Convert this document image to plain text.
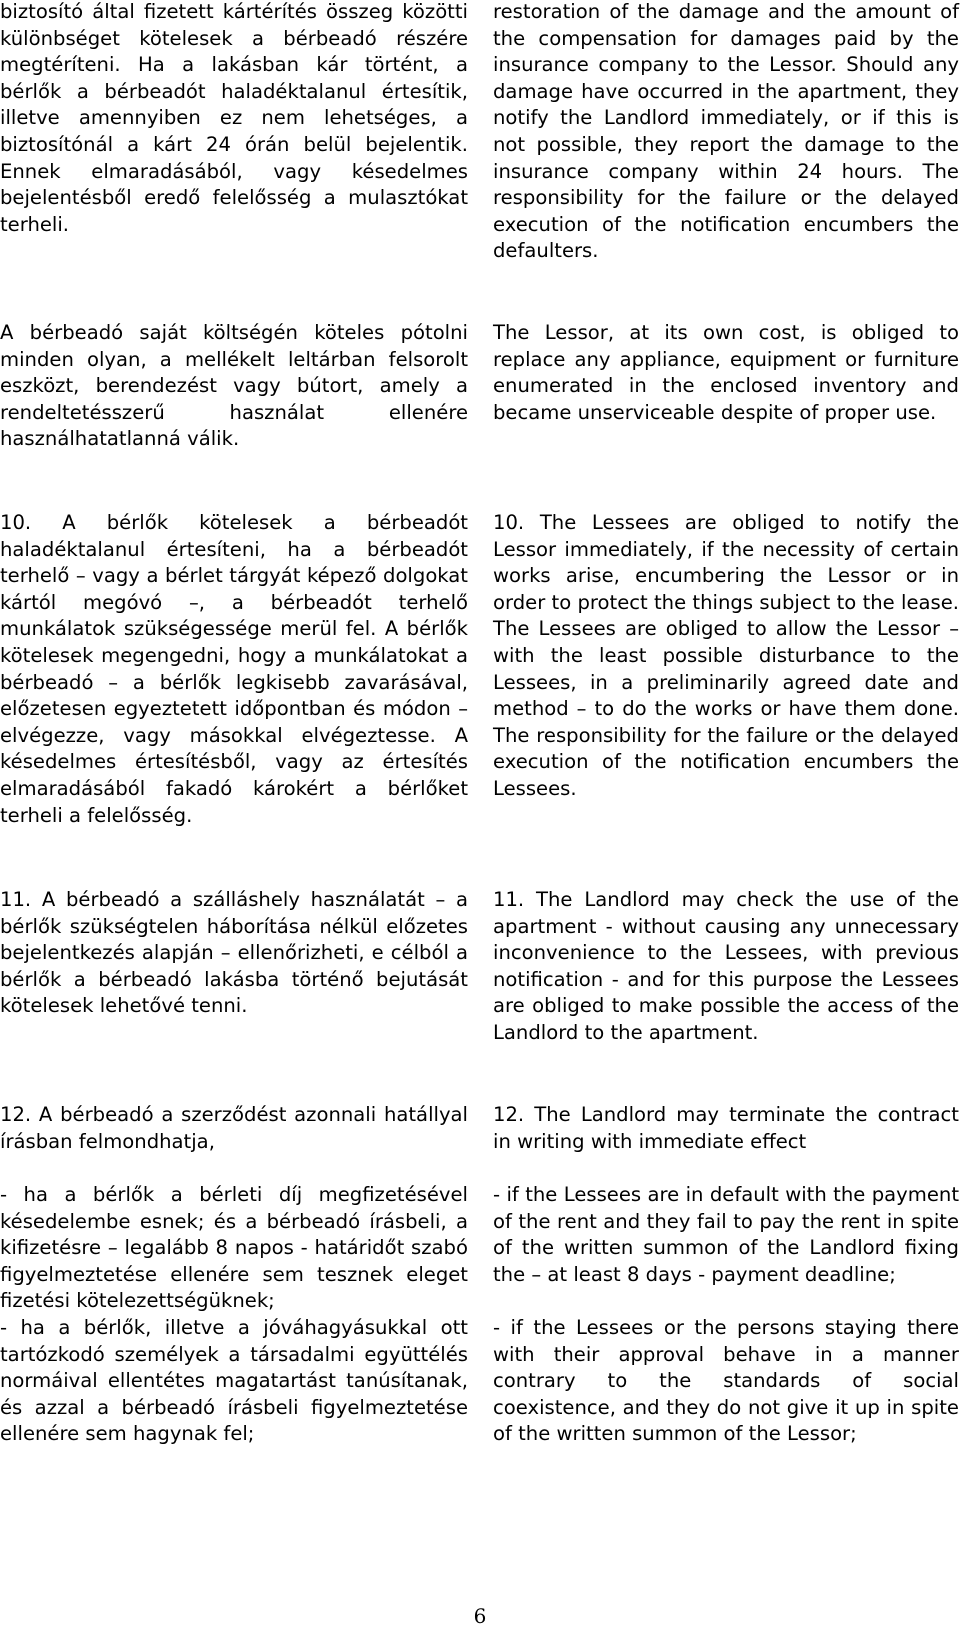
biztosító által fizetett kártérítés összeg közötti különbséget kötelesek a bérbeadó részére megtéríteni. Ha a lakásban kár történt, a bérlők a bérbeadót haladéktalanul értesítik, illetve amennyiben ez nem lehetséges, a biztosítónál a kárt 24 órán belül bejelentik. Ennek elmaradásából, vagy késedelmes bejelentésből eredő felelősség a mulasztókat terheli.

restoration of the damage and the amount of the compensation for damages paid by the insurance company to the Lessor. Should any damage have occurred in the apartment, they notify the Landlord immediately, or if this is not possible, they report the damage to the insurance company within 24 hours. The responsibility for the failure or the delayed execution of the notification encumbers the defaulters.

A bérbeadó saját költségén köteles pótolni minden olyan, a mellékelt leltárban felsorolt eszközt, berendezést vagy bútort, amely a rendeltetésszerű használat ellenére használhatatlanná válik.

The Lessor, at its own cost, is obliged to replace any appliance, equipment or furniture enumerated in the enclosed inventory and became unserviceable despite of proper use.

10. A bérlők kötelesek a bérbeadót haladéktalanul értesíteni, ha a bérbeadót terhelő – vagy a bérlet tárgyát képező dolgokat kártól megóvó –, a bérbeadót terhelő munkálatok szükségessége merül fel. A bérlők kötelesek megengedni, hogy a munkálatokat a bérbeadó – a bérlők legkisebb zavarásával, előzetesen egyeztetett időpontban és módon – elvégezze, vagy másokkal elvégeztesse. A késedelmes értesítésből, vagy az értesítés elmaradásából fakadó károkért a bérlőket terheli a felelősség.

10. The Lessees are obliged to notify the Lessor immediately, if the necessity of certain works arise, encumbering the Lessor or in order to protect the things subject to the lease. The Lessees are obliged to allow the Lessor – with the least possible disturbance to the Lessees, in a preliminarily agreed date and method – to do the works or have them done. The responsibility for the failure or the delayed execution of the notification encumbers the Lessees.

11. A bérbeadó a szálláshely használatát – a bérlők szükségtelen háborítása nélkül előzetes bejelentkezés alapján – ellenőrizheti, e célból a bérlők a bérbeadó lakásba történő bejutását kötelesek lehetővé tenni.

11. The Landlord may check the use of the apartment - without causing any unnecessary inconvenience to the Lessees, with previous notification - and for this purpose the Lessees are obliged to make possible the access of the Landlord to the apartment.

12. A bérbeadó a szerződést azonnali hatállyal írásban felmondhatja,

12. The Landlord may terminate the contract in writing with immediate effect

- ha a bérlők a bérleti díj megfizetésével késedelembe esnek; és a bérbeadó írásbeli, a kifizetésre – legalább 8 napos - határidőt szabó figyelmeztetése ellenére sem tesznek eleget fizetési kötelezettségüknek;
- ha a bérlők, illetve a jóváhagyásukkal ott tartózkodó személyek a társadalmi együttélés normáival ellentétes magatartást tanúsítanak, és azzal a bérbeadó írásbeli figyelmeztetése ellenére sem hagynak fel;

- if the Lessees are in default with the payment of the rent and they fail to pay the rent in spite of the written summon of the Landlord fixing the – at least 8 days - payment deadline;

- if the Lessees or the persons staying there with their approval behave in a manner contrary to the standards of social coexistence, and they do not give it up in spite of the written summon of the Lessor;

6
